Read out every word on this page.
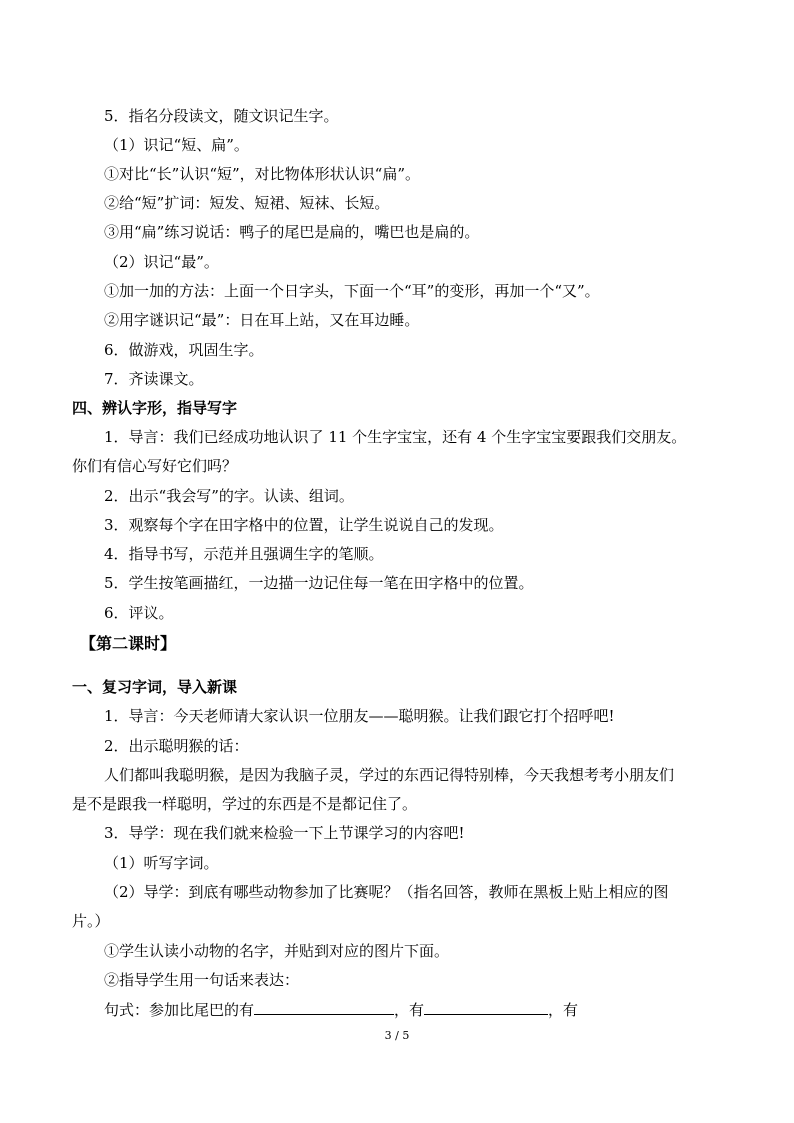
5．指名分段读文，随文识记生字。
（1）识记“短、扁”。
①对比“长”认识“短”，对比物体形状认识“扁”。
②给“短”扩词：短发、短裙、短袜、长短。
③用“扁”练习说话：鸭子的尾巴是扁的，嘴巴也是扁的。
（2）识记“最”。
①加一加的方法：上面一个日字头，下面一个“耳”的变形，再加一个“又”。
②用字谜识记“最”：日在耳上站，又在耳边睡。
6．做游戏，巩固生字。
7．齐读课文。
四、辨认字形，指导写字
1．导言：我们已经成功地认识了 11 个生字宝宝，还有 4 个生字宝宝要跟我们交朋友。
你们有信心写好它们吗？
2．出示“我会写”的字。认读、组词。
3．观察每个字在田字格中的位置，让学生说说自己的发现。
4．指导书写，示范并且强调生字的笔顺。
5．学生按笔画描红，一边描一边记住每一笔在田字格中的位置。
6．评议。
【第二课时】
一、复习字词，导入新课
1．导言：今天老师请大家认识一位朋友——聪明猴。让我们跟它打个招呼吧!
2．出示聪明猴的话：
人们都叫我聪明猴，是因为我脑子灵，学过的东西记得特别棒，今天我想考考小朋友们
是不是跟我一样聪明，学过的东西是不是都记住了。
3．导学：现在我们就来检验一下上节课学习的内容吧!
（1）听写字词。
（2）导学：到底有哪些动物参加了比赛呢？（指名回答，教师在黑板上贴上相应的图
片。）
①学生认读小动物的名字，并贴到对应的图片下面。
②指导学生用一句话来表达：
句式：参加比尾巴的有	，有	，有
3 / 5
